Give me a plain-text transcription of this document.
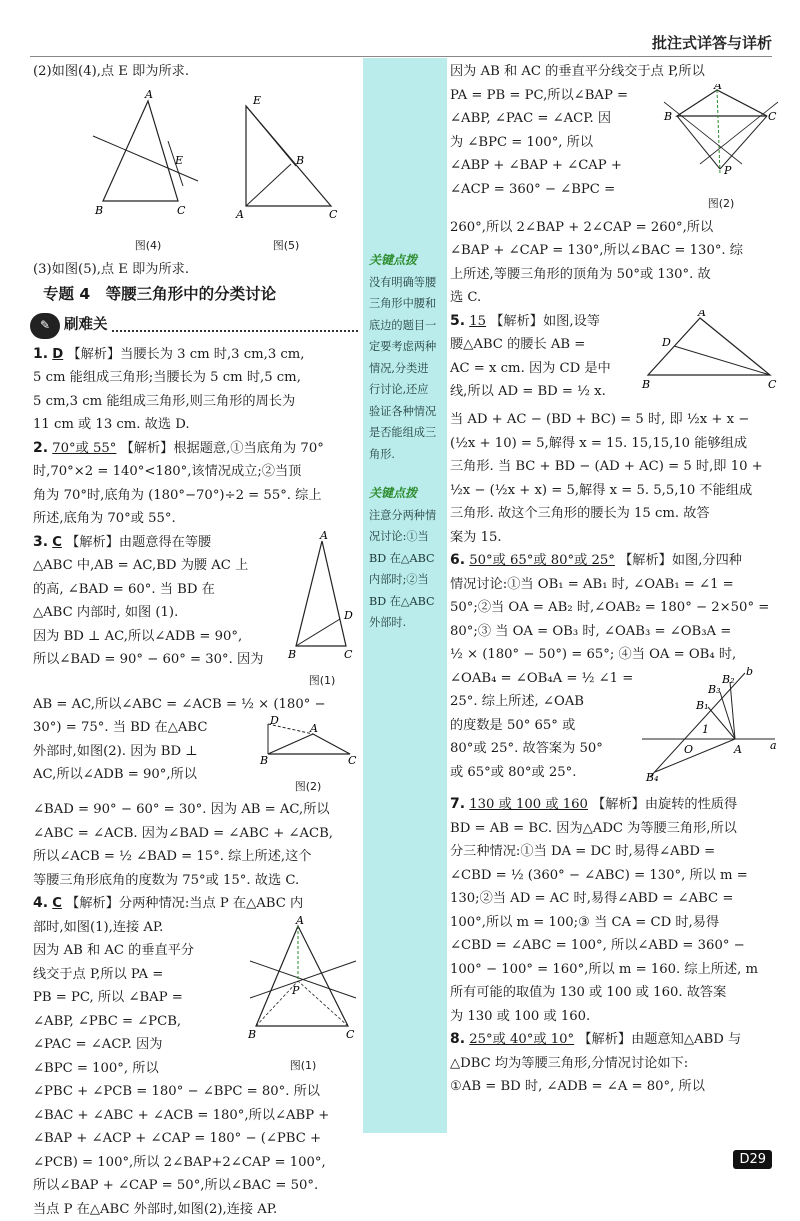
批注式详答与详析
(2)如图(4),点 E 即为所求.
A
B	C
E
图(4)
E
A	C
B
图(5)
(3)如图(5),点 E 即为所求.
专题 4　等腰三角形中的分类讨论
✎ 刷难关
1. D 【解析】当腰长为 3 cm 时,3 cm,3 cm,
5 cm 能组成三角形;当腰长为 5 cm 时,5 cm,
5 cm,3 cm 能组成三角形,则三角形的周长为
11 cm 或 13 cm. 故选 D.
2. 70°或 55° 【解析】根据题意,①当底角为 70°
时,70°×2 = 140°<180°,该情况成立;②当顶
角为 70°时,底角为 (180°−70°)÷2 = 55°. 综上
所述,底角为 70°或 55°.
3. C 【解析】由题意得在等腰
△ABC 中,AB = AC,BD 为腰 AC 上
的高, ∠BAD = 60°. 当 BD 在
△ABC 内部时, 如图 (1).
因为 BD ⊥ AC,所以∠ADB = 90°,
所以∠BAD = 90° − 60° = 30°. 因为
A
B	C
D
图(1)
AB = AC,所以∠ABC = ∠ACB = ½ × (180° −
30°) = 75°. 当 BD 在△ABC
外部时,如图(2). 因为 BD ⊥
AC,所以∠ADB = 90°,所以
D
A
B	C
图(2)
∠BAD = 90° − 60° = 30°. 因为 AB = AC,所以
∠ABC = ∠ACB. 因为∠BAD = ∠ABC + ∠ACB,
所以∠ACB = ½ ∠BAD = 15°. 综上所述,这个
等腰三角形底角的度数为 75°或 15°. 故选 C.
4. C 【解析】分两种情况:当点 P 在△ABC 内
部时,如图(1),连接 AP.
因为 AB 和 AC 的垂直平分
线交于点 P,所以 PA =
PB = PC, 所以 ∠BAP =
∠ABP, ∠PBC = ∠PCB,
∠PAC = ∠ACP. 因为
∠BPC = 100°, 所以
A
B	C
P
图(1)
∠PBC + ∠PCB = 180° − ∠BPC = 80°. 所以
∠BAC + ∠ABC + ∠ACB = 180°,所以∠ABP +
∠BAP + ∠ACP + ∠CAP = 180° − (∠PBC +
∠PCB) = 100°,所以 2∠BAP+2∠CAP = 100°,
所以∠BAP + ∠CAP = 50°,所以∠BAC = 50°.
当点 P 在△ABC 外部时,如图(2),连接 AP.
关键点拨
没有明确等腰
三角形中腰和
底边的题目一
定要考虑两种
情况,分类进
行讨论,还应
验证各种情况
是否能组成三
角形.
关键点拨
注意分两种情
况讨论:①当
BD 在△ABC
内部时;②当
BD 在△ABC
外部时.
因为 AB 和 AC 的垂直平分线交于点 P,所以
PA = PB = PC,所以∠BAP =
∠ABP, ∠PAC = ∠ACP. 因
为 ∠BPC = 100°, 所以
∠ABP + ∠BAP + ∠CAP +
∠ACP = 360° − ∠BPC =
A
B	C
P
图(2)
260°,所以 2∠BAP + 2∠CAP = 260°,所以
∠BAP + ∠CAP = 130°,所以∠BAC = 130°. 综
上所述,等腰三角形的顶角为 50°或 130°. 故
选 C.
5. 15 【解析】如图,设等
腰△ABC 的腰长 AB =
AC = x cm. 因为 CD 是中
线,所以 AD = BD = ½ x.
A
B	C
D
当 AD + AC − (BD + BC) = 5 时, 即 ½x + x −
(½x + 10) = 5,解得 x = 15. 15,15,10 能够组成
三角形. 当 BC + BD − (AD + AC) = 5 时,即 10 +
½x − (½x + x) = 5,解得 x = 5. 5,5,10 不能组成
三角形. 故这个三角形的腰长为 15 cm. 故答
案为 15.
6. 50°或 65°或 80°或 25° 【解析】如图,分四种
情况讨论:①当 OB₁ = AB₁ 时, ∠OAB₁ = ∠1 =
50°;②当 OA = AB₂ 时,∠OAB₂ = 180° − 2×50° =
80°;③ 当 OA = OB₃ 时, ∠OAB₃ = ∠OB₃A =
½ × (180° − 50°) = 65°; ④当 OA = OB₄ 时,
∠OAB₄ = ∠OB₄A = ½ ∠1 =
25°. 综上所述, ∠OAB
的度数是 50° 65° 或
80°或 25°. 故答案为 50°
或 65°或 80°或 25°.
O	A	a
b
B₁
B₃
B₂
B₄
1
7. 130 或 100 或 160 【解析】由旋转的性质得
BD = AB = BC. 因为△ADC 为等腰三角形,所以
分三种情况:①当 DA = DC 时,易得∠ABD =
∠CBD = ½ (360° − ∠ABC) = 130°, 所以 m =
130;②当 AD = AC 时,易得∠ABD = ∠ABC =
100°,所以 m = 100;③ 当 CA = CD 时,易得
∠CBD = ∠ABC = 100°, 所以∠ABD = 360° −
100° − 100° = 160°,所以 m = 160. 综上所述, m
所有可能的取值为 130 或 100 或 160. 故答案
为 130 或 100 或 160.
8. 25°或 40°或 10° 【解析】由题意知△ABD 与
△DBC 均为等腰三角形,分情况讨论如下:
①AB = BD 时, ∠ADB = ∠A = 80°, 所以
D29
